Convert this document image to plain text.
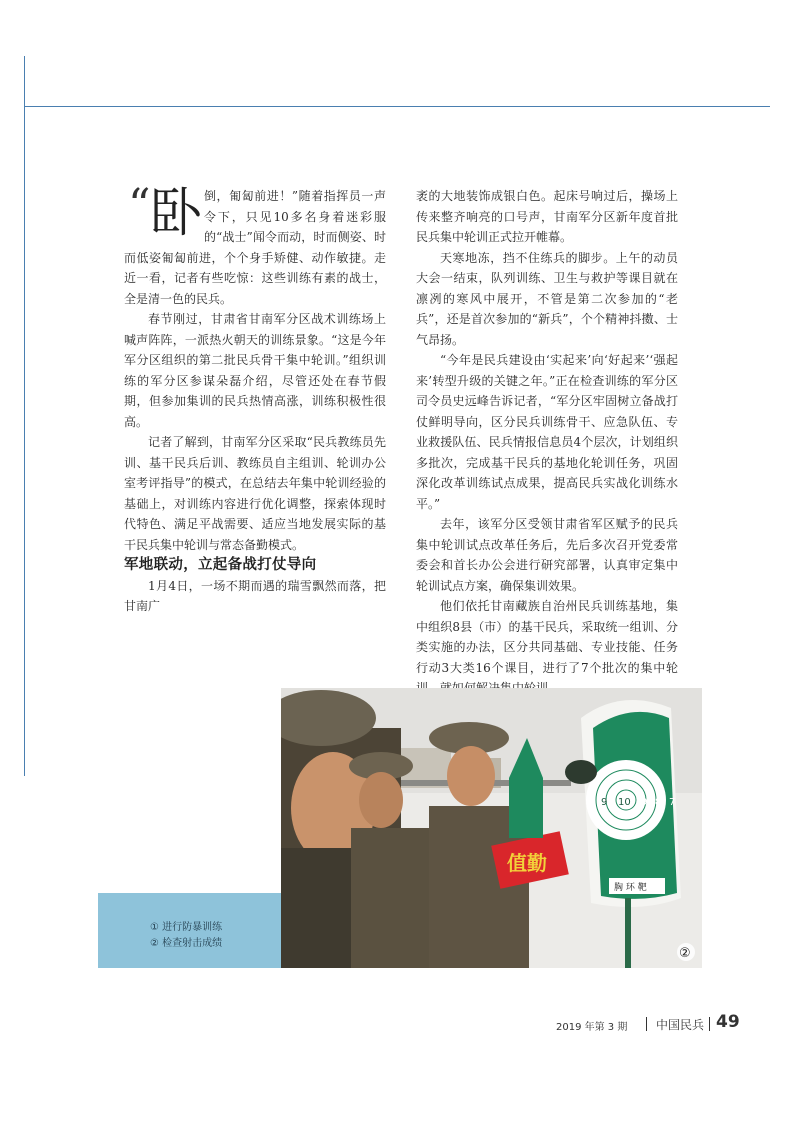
“ 卧 倒，匍匐前进！”随着指挥员一声令下，只见10多名身着迷彩服的“战士”闻令而动，时而侧姿、时而低姿匍匐前进，个个身手矫健、动作敏捷。走近一看，记者有些吃惊：这些训练有素的战士，全是清一色的民兵。

春节刚过，甘肃省甘南军分区战术训练场上喊声阵阵，一派热火朝天的训练景象。“这是今年军分区组织的第二批民兵骨干集中轮训。”组织训练的军分区参谋朵磊介绍，尽管还处在春节假期，但参加集训的民兵热情高涨，训练积极性很高。

记者了解到，甘南军分区采取“民兵教练员先训、基干民兵后训、教练员自主组训、轮训办公室考评指导”的模式，在总结去年集中轮训经验的基础上，对训练内容进行优化调整，探索体现时代特色、满足平战需要、适应当地发展实际的基干民兵集中轮训与常态备勤模式。

军地联动，立起备战打仗导向

1月4日，一场不期而遇的瑞雪飘然而落，把甘南广

袤的大地装饰成银白色。起床号响过后，操场上传来整齐响亮的口号声，甘南军分区新年度首批民兵集中轮训正式拉开帷幕。

天寒地冻，挡不住练兵的脚步。上午的动员大会一结束，队列训练、卫生与救护等课目就在凛冽的寒风中展开，不管是第二次参加的“老兵”，还是首次参加的“新兵”，个个精神抖擞、士气昂扬。

“今年是民兵建设由‘实起来’向‘好起来’‘强起来’转型升级的关键之年。”正在检查训练的军分区司令员史远峰告诉记者，“军分区牢固树立备战打仗鲜明导向，区分民兵训练骨干、应急队伍、专业救援队伍、民兵情报信息员4个层次，计划组织多批次，完成基干民兵的基地化轮训任务，巩固深化改革训练试点成果，提高民兵实战化训练水平。”

去年，该军分区受领甘肃省军区赋予的民兵集中轮训试点改革任务后，先后多次召开党委常委会和首长办公会进行研究部署，认真审定集中轮训试点方案，确保集训效果。

他们依托甘南藏族自治州民兵训练基地，集中组织8县（市）的基干民兵，采取统一组训、分类实施的办法，区分共同基础、专业技能、任务行动3大类16个课目，进行了7个批次的集中轮

值勤
9 10 9 8 7
胸 环 靶
②
① 进行防暴训练
② 检查射击成绩
2019 年第 3 期 中国民兵 49
